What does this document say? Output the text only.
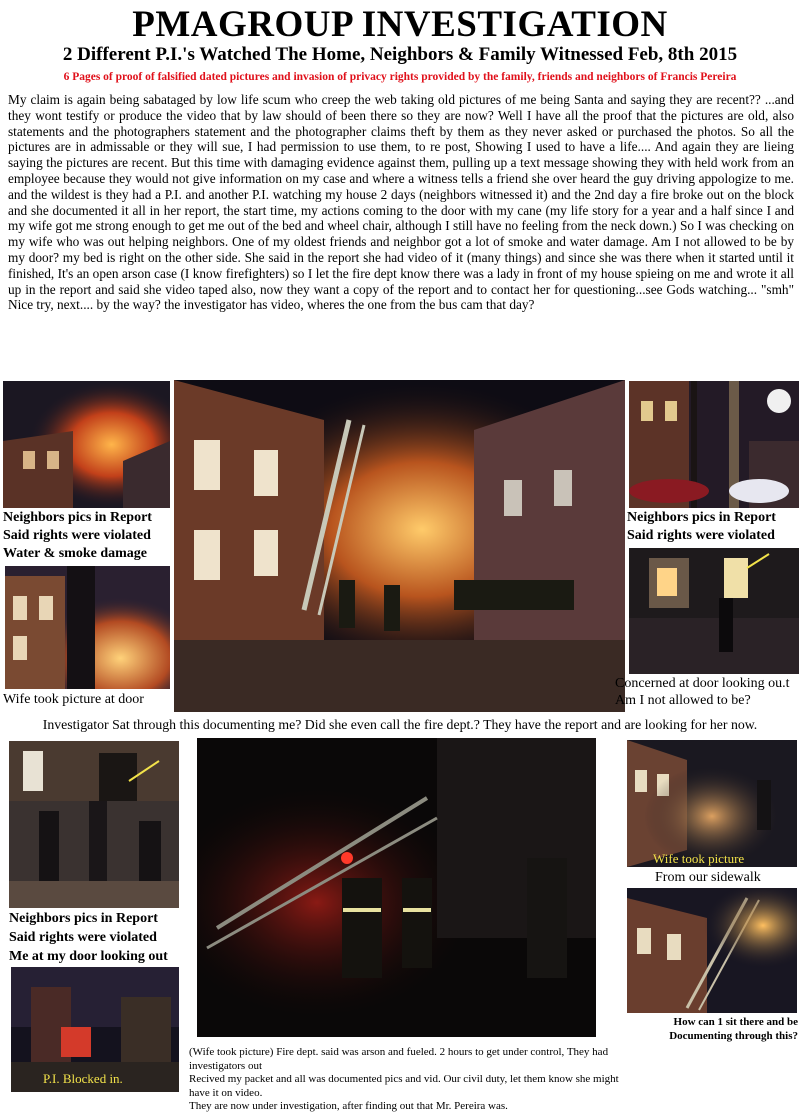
PMAGROUP INVESTIGATION
2 Different P.I.'s Watched The Home, Neighbors & Family Witnessed Feb, 8th 2015
6 Pages of proof of falsified dated pictures and invasion of privacy rights provided by the family, friends and neighbors of Francis Pereira
My claim is again being sabataged by low life scum who creep the web taking old pictures of me being Santa and saying they are recent?? ...and they wont testify or produce the video that by law should of been there so they are now? Well I have all the proof that the pictures are old, also statements and the photographers statement and the photographer claims theft by them as they never asked or purchased the photos. So all the pictures are in admissable or they will sue, I had permission to use them, to re post, Showing I used to have a life.... And again they are lieing saying the pictures are recent. But this time with damaging evidence against them, pulling up a text message showing they with held work from an employee because they would not give information on my case and where a witness tells a friend she over heard the guy driving appologize to me. and the wildest is they had a P.I. and another P.I. watching my house 2 days (neighbors witnessed it) and the 2nd day a fire broke out on the block and she documented it all in her report, the start time, my actions coming to the door with my cane (my life story for a year and a half since I and my wife got me strong enough to get me out of the bed and wheel chair, although I still have no feeling from the neck down.) So I was checking on my wife who was out helping neighbors. One of my oldest friends and neighbor got a lot of smoke and water damage. Am I not allowed to be by my door? my bed is right on the other side. She said in the report she had video of it (many things) and since she was there when it started until it finished, It's an open arson case (I know firefighters) so I let the fire dept know there was a lady in front of my house spieing on me and wrote it all up in the report and said she video taped also, now they want a copy of the report and to contact her for questioning...see Gods watching... "smh" Nice try, next.... by the way? the investigator has video, wheres the one from the bus cam that day?
Neighbors pics in Report
Said rights were violated
Water & smoke damage
Wife took picture at door
Neighbors pics in Report
Said rights were violated
Concerned at door looking ou.t Am I not allowed to be?
Investigator Sat through this documenting me? Did she even call the fire dept.? They have the report and are looking for her now.
Neighbors pics in Report
Said rights were violated
Me at my door looking out
P.I. Blocked in.
Wife took picture
From our sidewalk
How can 1 sit there and be
Documenting through this?
(Wife took picture) Fire dept. said was arson and fueled. 2 hours to get under control, They had investigators out
Recived my packet and all was documented pics and vid. Our civil duty, let them know she might have it on video.
They are now under investigation, after finding out that Mr. Pereira was.
